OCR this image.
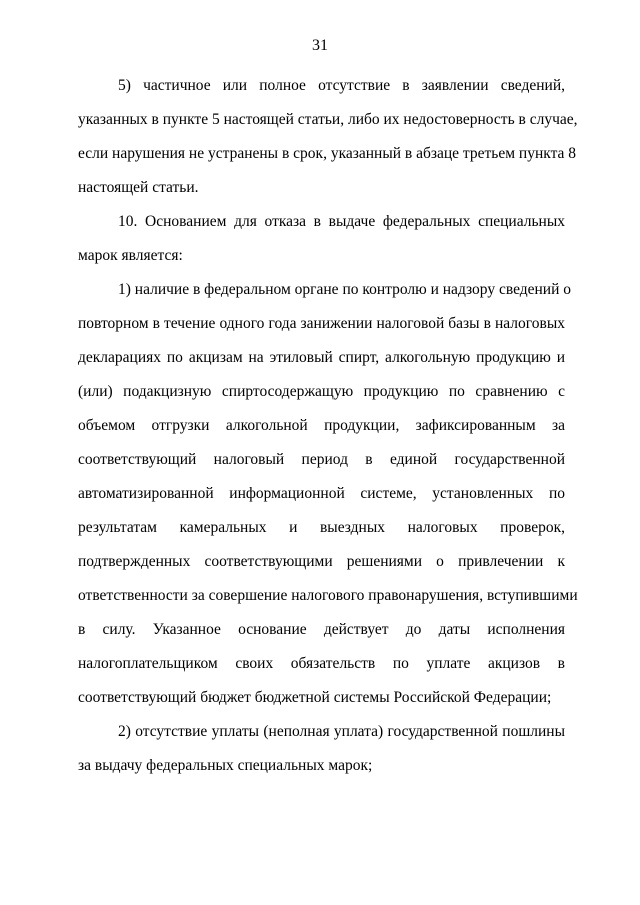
31
5) частичное или полное отсутствие в заявлении сведений,
указанных в пункте 5 настоящей статьи, либо их недостоверность в случае,
если нарушения не устранены в срок, указанный в абзаце третьем пункта 8
настоящей статьи.
10. Основанием для отказа в выдаче федеральных специальных
марок является:
1) наличие в федеральном органе по контролю и надзору сведений о
повторном в течение одного года занижении налоговой базы в налоговых
декларациях по акцизам на этиловый спирт, алкогольную продукцию и
(или) подакцизную спиртосодержащую продукцию по сравнению с
объемом отгрузки алкогольной продукции, зафиксированным за
соответствующий налоговый период в единой государственной
автоматизированной информационной системе, установленных по
результатам камеральных и выездных налоговых проверок,
подтвержденных соответствующими решениями о привлечении к
ответственности за совершение налогового правонарушения, вступившими
в силу. Указанное основание действует до даты исполнения
налогоплательщиком своих обязательств по уплате акцизов в
соответствующий бюджет бюджетной системы Российской Федерации;
2) отсутствие уплаты (неполная уплата) государственной пошлины
за выдачу федеральных специальных марок;
